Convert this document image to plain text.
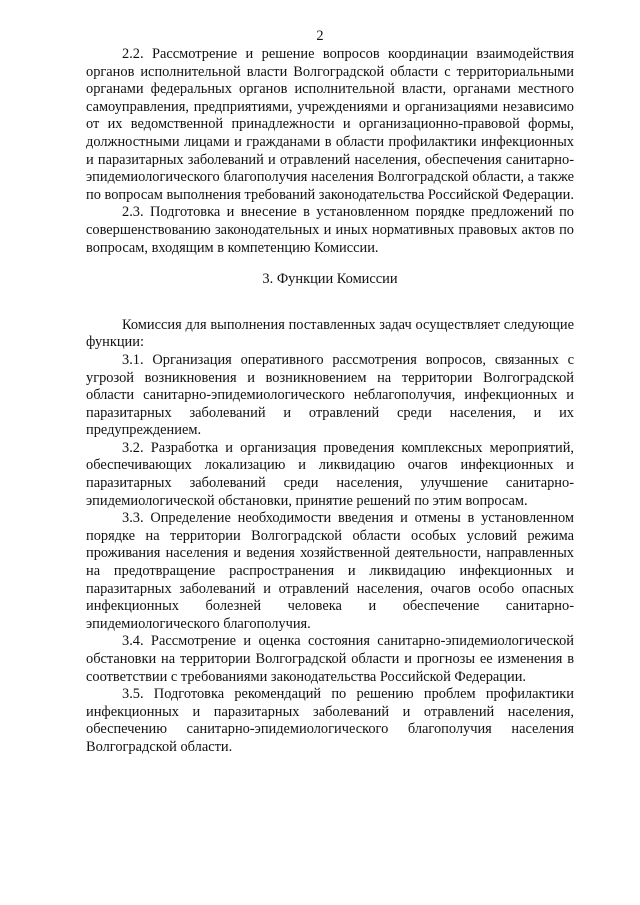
2

2.2. Рассмотрение и решение вопросов координации взаимодействия органов исполнительной власти Волгоградской области с территориальными органами федеральных органов исполнительной власти, органами местного самоуправления, предприятиями, учреждениями и организациями независимо от их ведомственной принадлежности и организационно-правовой формы, должностными лицами и гражданами в области профилактики инфекционных и паразитарных заболеваний и отравлений населения, обеспечения санитарно-эпидемиологического благополучия населения Волгоградской области, а также по вопросам выполнения требований законодательства Российской Федерации.

2.3. Подготовка и внесение в установленном порядке предложений по совершенствованию законодательных и иных нормативных правовых актов по вопросам, входящим в компетенцию Комиссии.

3. Функции Комиссии

Комиссия для выполнения поставленных задач осуществляет следующие функции:

3.1. Организация оперативного рассмотрения вопросов, связанных с угрозой возникновения и возникновением на территории Волгоградской области санитарно-эпидемиологического неблагополучия, инфекционных и паразитарных заболеваний и отравлений среди населения, и их предупреждением.

3.2. Разработка и организация проведения комплексных мероприятий, обеспечивающих локализацию и ликвидацию очагов инфекционных и паразитарных заболеваний среди населения, улучшение санитарно-эпидемиологической обстановки, принятие решений по этим вопросам.

3.3. Определение необходимости введения и отмены в установленном порядке на территории Волгоградской области особых условий режима проживания населения и ведения хозяйственной деятельности, направленных на предотвращение распространения и ликвидацию инфекционных и паразитарных заболеваний и отравлений населения, очагов особо опасных инфекционных болезней человека и обеспечение санитарно-эпидемиологического благополучия.

3.4. Рассмотрение и оценка состояния санитарно-эпидемиологической обстановки на территории Волгоградской области и прогнозы ее изменения в соответствии с требованиями законодательства Российской Федерации.

3.5. Подготовка рекомендаций по решению проблем профилактики инфекционных и паразитарных заболеваний и отравлений населения, обеспечению санитарно-эпидемиологического благополучия населения Волгоградской области.
